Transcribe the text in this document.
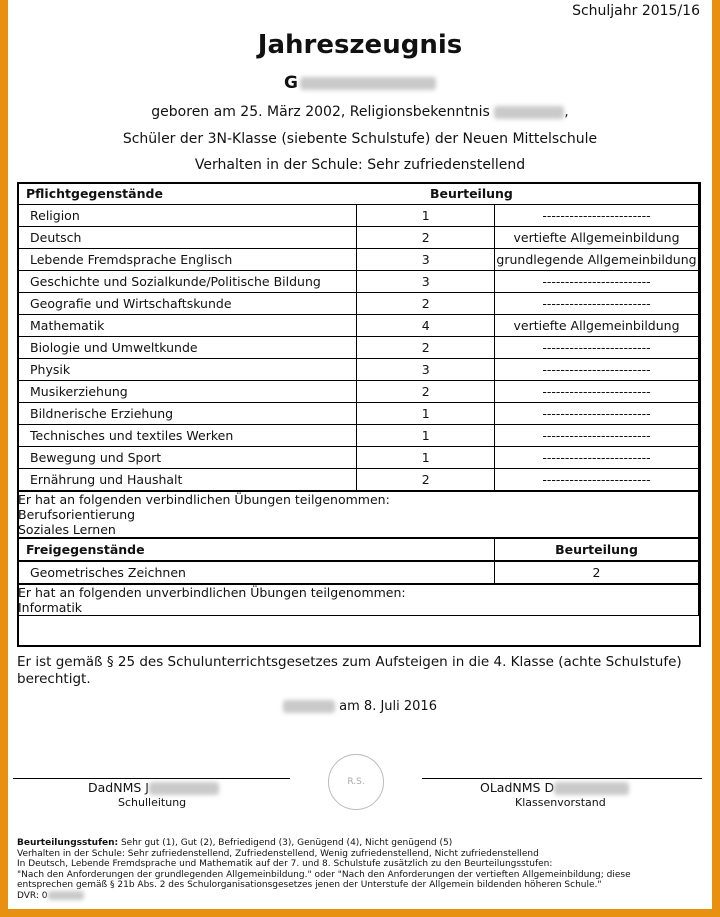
Schuljahr 2015/16
Jahreszeugnis
G
geboren am 25. März 2002, Religionsbekenntnis	,
Schüler der 3N-Klasse (siebente Schulstufe) der Neuen Mittelschule
Verhalten in der Schule: Sehr zufriedenstellend
Pflichtgegenstände	Beurteilung	
Religion	1	------------------------
Deutsch	2	vertiefte Allgemeinbildung
Lebende Fremdsprache Englisch	3	grundlegende Allgemeinbildung
Geschichte und Sozialkunde/Politische Bildung	3	------------------------
Geografie und Wirtschaftskunde	2	------------------------
Mathematik	4	vertiefte Allgemeinbildung
Biologie und Umweltkunde	2	------------------------
Physik	3	------------------------
Musikerziehung	2	------------------------
Bildnerische Erziehung	1	------------------------
Technisches und textiles Werken	1	------------------------
Bewegung und Sport	1	------------------------
Ernährung und Haushalt	2	------------------------

Er hat an folgenden verbindlichen Übungen teilgenommen:
Berufsorientierung
Soziales Lernen		

Freigegenstände		Beurteilung
Geometrisches Zeichnen		2

Er hat an folgenden unverbindlichen Übungen teilgenommen:
Informatik		
Er ist gemäß § 25 des Schulunterrichtsgesetzes zum Aufsteigen in die 4. Klasse (achte Schulstufe) berechtigt.
am 8. Juli 2016
R.S.
DadNMS J
Schulleitung
OLadNMS D
Klassenvorstand
Beurteilungsstufen: Sehr gut (1), Gut (2), Befriedigend (3), Genügend (4), Nicht genügend (5)
Verhalten in der Schule: Sehr zufriedenstellend, Zufriedenstellend, Wenig zufriedenstellend, Nicht zufriedenstellend
In Deutsch, Lebende Fremdsprache und Mathematik auf der 7. und 8. Schulstufe zusätzlich zu den Beurteilungsstufen:
"Nach den Anforderungen der grundlegenden Allgemeinbildung." oder "Nach den Anforderungen der vertieften Allgemeinbildung; diese
entsprechen gemäß § 21b Abs. 2 des Schulorganisationsgesetzes jenen der Unterstufe der Allgemein bildenden höheren Schule."
DVR: 0
